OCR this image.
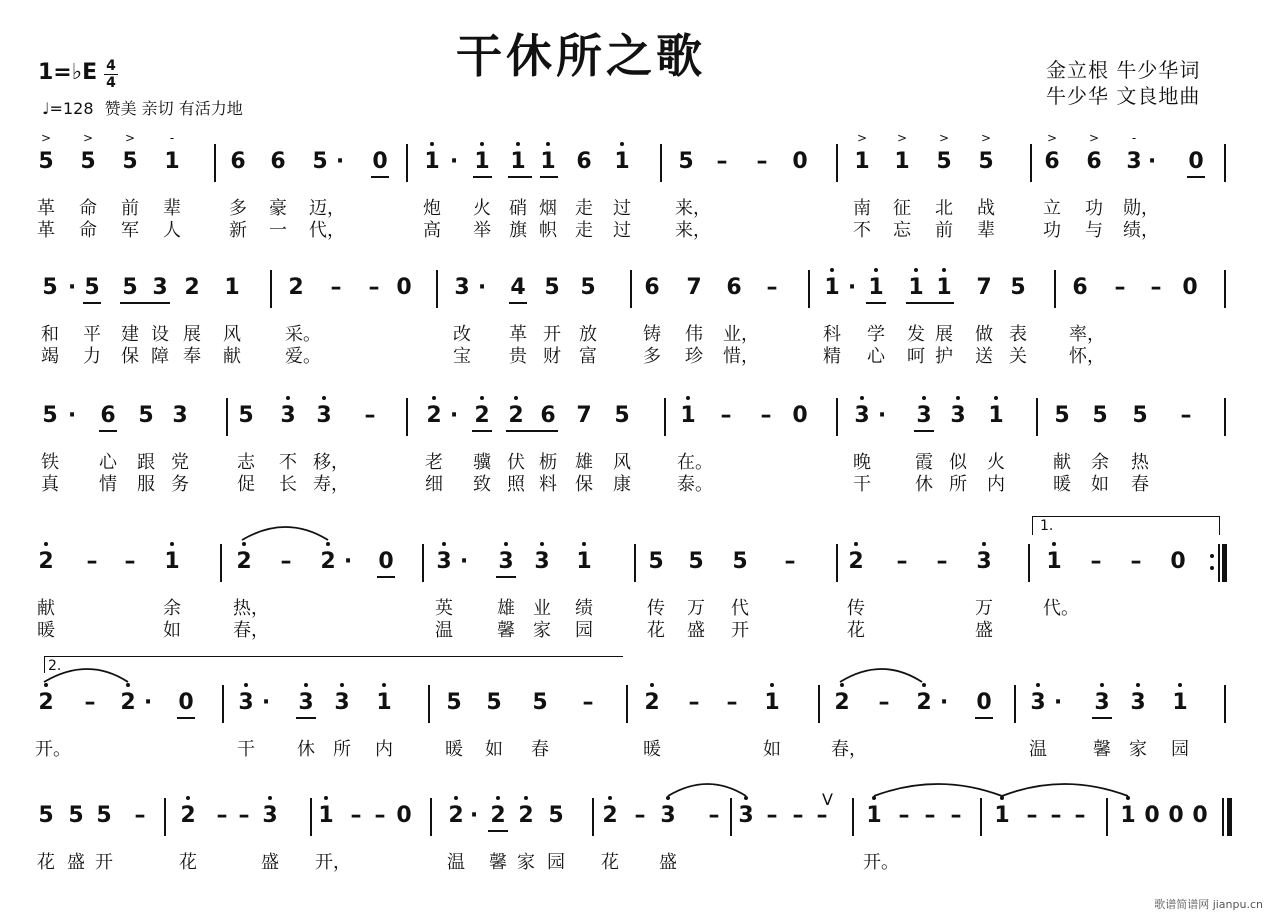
干休所之歌
1=♭E 4
4
♩=128 赞美 亲切 有活力地
金立根 牛少华词
牛少华 文良地曲
1.
2.
V
5
>
5
>
5
>
1
-
6 6 5 · 0 1 · 1 1 1 6 1 5 – – 0 1
>
1
>
5
>
5
>
6
>
6
>
3
-
· 0
革 命 前 辈	多 豪 迈，	炮 火 硝 烟 走 过 来，	南 征 北 战	立 功 勋，
革 命 军 人	新 一 代，	高 举 旗 帜 走 过 来，	不 忘 前 辈	功 与 绩，
5 · 5 5 3 2 1 2 – – 0 3 · 4 5 5 6 7 6 – 1 · 1 1 1 7 5 6 – – 0
和 平 建 设 展 风 采。	改 革 开 放	铸 伟 业，	科 学 发 展 做 表 率，
竭 力 保 障 奉 献 爱。	宝 贵 财 富	多 珍 惜，	精 心 呵 护 送 关 怀，
5 · 6 5 3 5 3 3 – 2 · 2 2 6 7 5 1 – – 0 3 · 3 3 1 5 5 5 –
铁 心 跟 党	志 不 移，	老 骥 伏 枥 雄 风	在。	晚 霞 似 火	献 余 热
真 情 服 务	促 长 寿，	细 致 照 料 保 康	泰。	干 休 所 内	暖 如 春
2 – – 1	2 – 2 · 0 3 · 3 3 1	5 5 5 – 2 – – 3 1 – – 0
献	余	热，	英 雄 业 绩	传 万 代	传	万	代。
暖	如	春，	温 馨 家 园	花 盛 开	花	盛
2 – 2 · 0 3 · 3 3 1 5 5 5 – 2 – – 1 2 – 2 · 0 3 · 3 3 1
开。	干 休 所 内	暖 如 春	暖	如	春，	温	馨 家 园
5 5 5 – 2 – – 3 1 – – 0 2 · 2 2 5 2 – 3 – 3 – – – 1 – – – 1 – – – 1 0 0 0
花 盛 开	花	盛 开，	温 馨 家 园 花 盛	开。
歌谱简谱网 jianpu.cn
